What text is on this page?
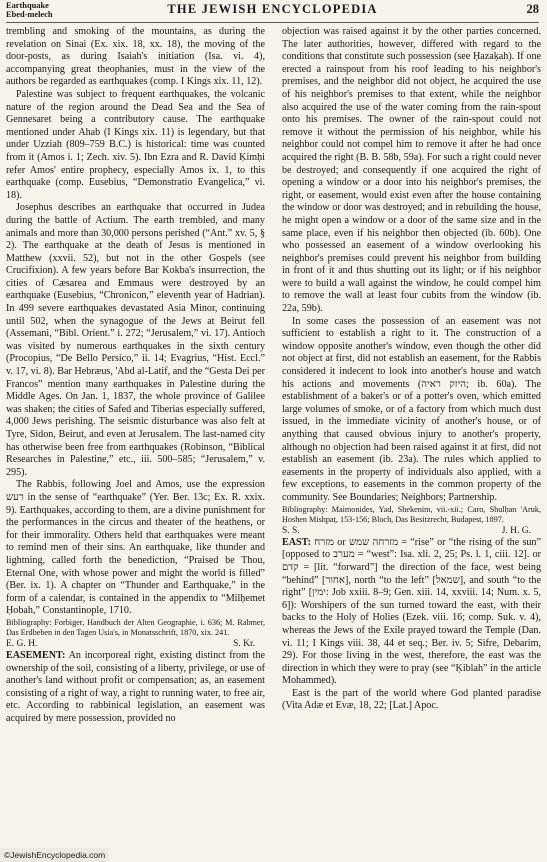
Earthquake
Ebed-melech	THE JEWISH ENCYCLOPEDIA	28

trembling and smoking of the mountains, as during the revelation on Sinai (Ex. xix. 18, xx. 18), the moving of the door-posts, as during Isaiah's initiation (Isa. vi. 4), accompanying great theophanies, must in the view of the authors be regarded as earthquakes (comp. I Kings xix. 11, 12).

Palestine was subject to frequent earthquakes, the volcanic nature of the region around the Dead Sea and the Sea of Gennesaret being a contributory cause. The earthquake mentioned under Ahab (I Kings xix. 11) is legendary, but that under Uzziah (809–759 B.C.) is historical: time was counted from it (Amos i. 1; Zech. xiv. 5). Ibn Ezra and R. David Ḳimḥi refer Amos' entire prophecy, especially Amos ix. 1, to this earthquake (comp. Eusebius, “Demonstratio Evangelica,” vi. 18).

Josephus describes an earthquake that occurred in Judea during the battle of Actium. The earth trembled, and many animals and more than 30,000 persons perished (“Ant.” xv. 5, § 2). The earthquake at the death of Jesus is mentioned in Matthew (xxvii. 52), but not in the other Gospels (see Crucifixion). A few years before Bar Kokba's insurrection, the cities of Cæsarea and Emmaus were destroyed by an earthquake (Eusebius, “Chronicon,” eleventh year of Hadrian). In 499 severe earthquakes devastated Asia Minor, continuing until 502, when the synagogue of the Jews at Beirut fell (Assemani, “Bibl. Orient.” i. 272; “Jerusalem,” vi. 17). Antioch was visited by numerous earthquakes in the sixth century (Procopius, “De Bello Persico,” ii. 14; Evagrius, “Hist. Eccl.” v. 17, vi. 8). Bar Hebræus, 'Abd al-Latif, and the “Gesta Dei per Francos” mention many earthquakes in Palestine during the Middle Ages. On Jan. 1, 1837, the whole province of Galilee was shaken; the cities of Safed and Tiberias especially suffered, 4,000 Jews perishing. The seismic disturbance was also felt at Tyre, Sidon, Beirut, and even at Jerusalem. The last-named city has otherwise been free from earthquakes (Robinson, “Biblical Researches in Palestine,” etc., iii. 500–585; “Jerusalem,” v. 295).

The Rabbis, following Joel and Amos, use the expression רעש in the sense of “earthquake” (Yer. Ber. 13c; Ex. R. xxix. 9). Earthquakes, according to them, are a divine punishment for the performances in the circus and theater of the heathens, or for their immorality. Others held that earthquakes were meant to remind men of their sins. An earthquake, like thunder and lightning, called forth the benediction, “Praised be Thou, Eternal One, with whose power and might the world is filled” (Ber. ix. 1). A chapter on “Thunder and Earthquake,” in the form of a calendar, is contained in the appendix to “Milḥemet Ḥobah,” Constantinople, 1710.

Bibliography: Forbiger, Handbuch der Alten Geographie, i. 636; M. Rabmer, Das Erdbeben in den Tagen Usia's, in Monatsschrift, 1870, xix. 241.

E. G. H.	S. Kr.

EASEMENT: An incorporeal right, existing distinct from the ownership of the soil, consisting of a liberty, privilege, or use of another's land without profit or compensation; as, an easement consisting of a right of way, a right to running water, to free air, etc. According to rabbinical legislation, an easement was acquired by mere possession, provided no

objection was raised against it by the other parties concerned. The later authorities, however, differed with regard to the conditions that constitute such possession (see Ḥazaḳah). If one erected a rainspout from his roof leading to his neighbor's premises, and the neighbor did not object, he acquired the use of his neighbor's premises to that extent, while the neighbor also acquired the use of the water coming from the rain-spout onto his premises. The owner of the rain-spout could not remove it without the permission of his neighbor, while his neighbor could not compel him to remove it after he had once acquired the right (B. B. 58b, 59a). For such a right could never be destroyed; and consequently if one acquired the right of opening a window or a door into his neighbor's premises, the right, or easement, would exist even after the house containing the window or door was destroyed; and in rebuilding the house, he might open a window or a door of the same size and in the same place, even if his neighbor then objected (ib. 60b). One who possessed an easement of a window overlooking his neighbor's premises could prevent his neighbor from building in front of it and thus shutting out its light; or if his neighbor were to build a wall against the window, he could compel him to remove the wall at least four cubits from the window (ib. 22a, 59b).

In some cases the possession of an easement was not sufficient to establish a right to it. The construction of a window opposite another's window, even though the other did not object at first, did not establish an easement, for the Rabbis considered it indecent to look into another's house and watch his actions and movements (היזק ראיה; ib. 60a). The establishment of a baker's or of a potter's oven, which emitted large volumes of smoke, or of a factory from which much dust issued, in the immediate vicinity of another's house, or of anything that caused obvious injury to another's property, although no objection had been raised against it at first, did not establish an easement (ib. 23a). The rules which applied to easements in the property of individuals also applied, with a few exceptions, to easements in the common property of the community. See Boundaries; Neighbors; Partnership.

Bibliography: Maimonides, Yad, Shekenim, vii.-xii.; Caro, Shulḥan 'Aruk, Ḥoshen Mishpaṭ, 153-156; Bloch, Das Besitzrecht, Budapest, 1897.

S. S.	J. H. G.

EAST: מזרח or מזרחה שמש = “rise” or “the rising of the sun” [opposed to מערב = “west”: Isa. xli. 2, 25; Ps. l. 1, ciii. 12]. or קדם = [lit. “forward”] the direction of the face, west being “behind” [אחור], north “to the left” [שמאל], and south “to the right” [ימין: Job xxiii. 8–9; Gen. xiii. 14, xxviii. 14; Num. x. 5, 6]): Worshipers of the sun turned toward the east, with their backs to the Holy of Holies (Ezek. viii. 16; comp. Suk. v. 4), whereas the Jews of the Exile prayed toward the Temple (Dan. vi. 11; I Kings viii. 38, 44 et seq.; Ber. iv. 5; Sifre, Debarim, 29). For those living in the west, therefore, the east was the direction in which they were to pray (see “Ḳiblah” in the article Mohammed).

East is the part of the world where God planted paradise (Vita Adæ et Evæ, 18, 22; [Lat.] Apoc.

©JewishEncyclopedia.com
